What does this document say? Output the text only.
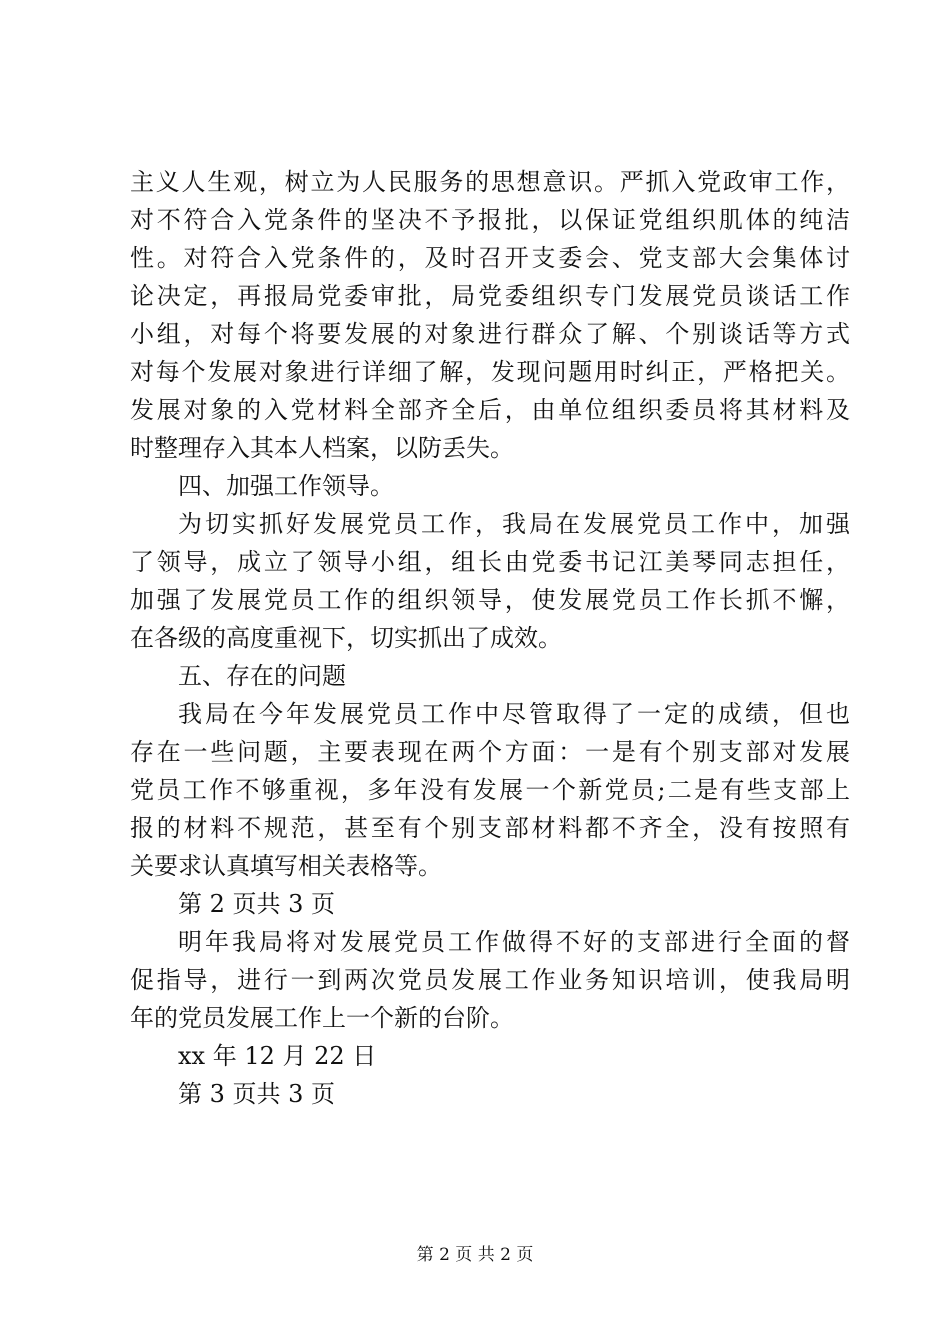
主义人生观，树立为人民服务的思想意识。严抓入党政审工作，
对不符合入党条件的坚决不予报批，以保证党组织肌体的纯洁
性。对符合入党条件的，及时召开支委会、党支部大会集体讨
论决定，再报局党委审批，局党委组织专门发展党员谈话工作
小组，对每个将要发展的对象进行群众了解、个别谈话等方式
对每个发展对象进行详细了解，发现问题用时纠正，严格把关。
发展对象的入党材料全部齐全后，由单位组织委员将其材料及
时整理存入其本人档案，以防丢失。
四、加强工作领导。
为切实抓好发展党员工作，我局在发展党员工作中，加强
了领导，成立了领导小组，组长由党委书记江美琴同志担任，
加强了发展党员工作的组织领导，使发展党员工作长抓不懈，
在各级的高度重视下，切实抓出了成效。
五、存在的问题
我局在今年发展党员工作中尽管取得了一定的成绩，但也
存在一些问题，主要表现在两个方面：一是有个别支部对发展
党员工作不够重视，多年没有发展一个新党员;二是有些支部上
报的材料不规范，甚至有个别支部材料都不齐全，没有按照有
关要求认真填写相关表格等。
第 2 页共 3 页
明年我局将对发展党员工作做得不好的支部进行全面的督
促指导，进行一到两次党员发展工作业务知识培训，使我局明
年的党员发展工作上一个新的台阶。
xx 年 12 月 22 日
第 3 页共 3 页
第 2 页 共 2 页
